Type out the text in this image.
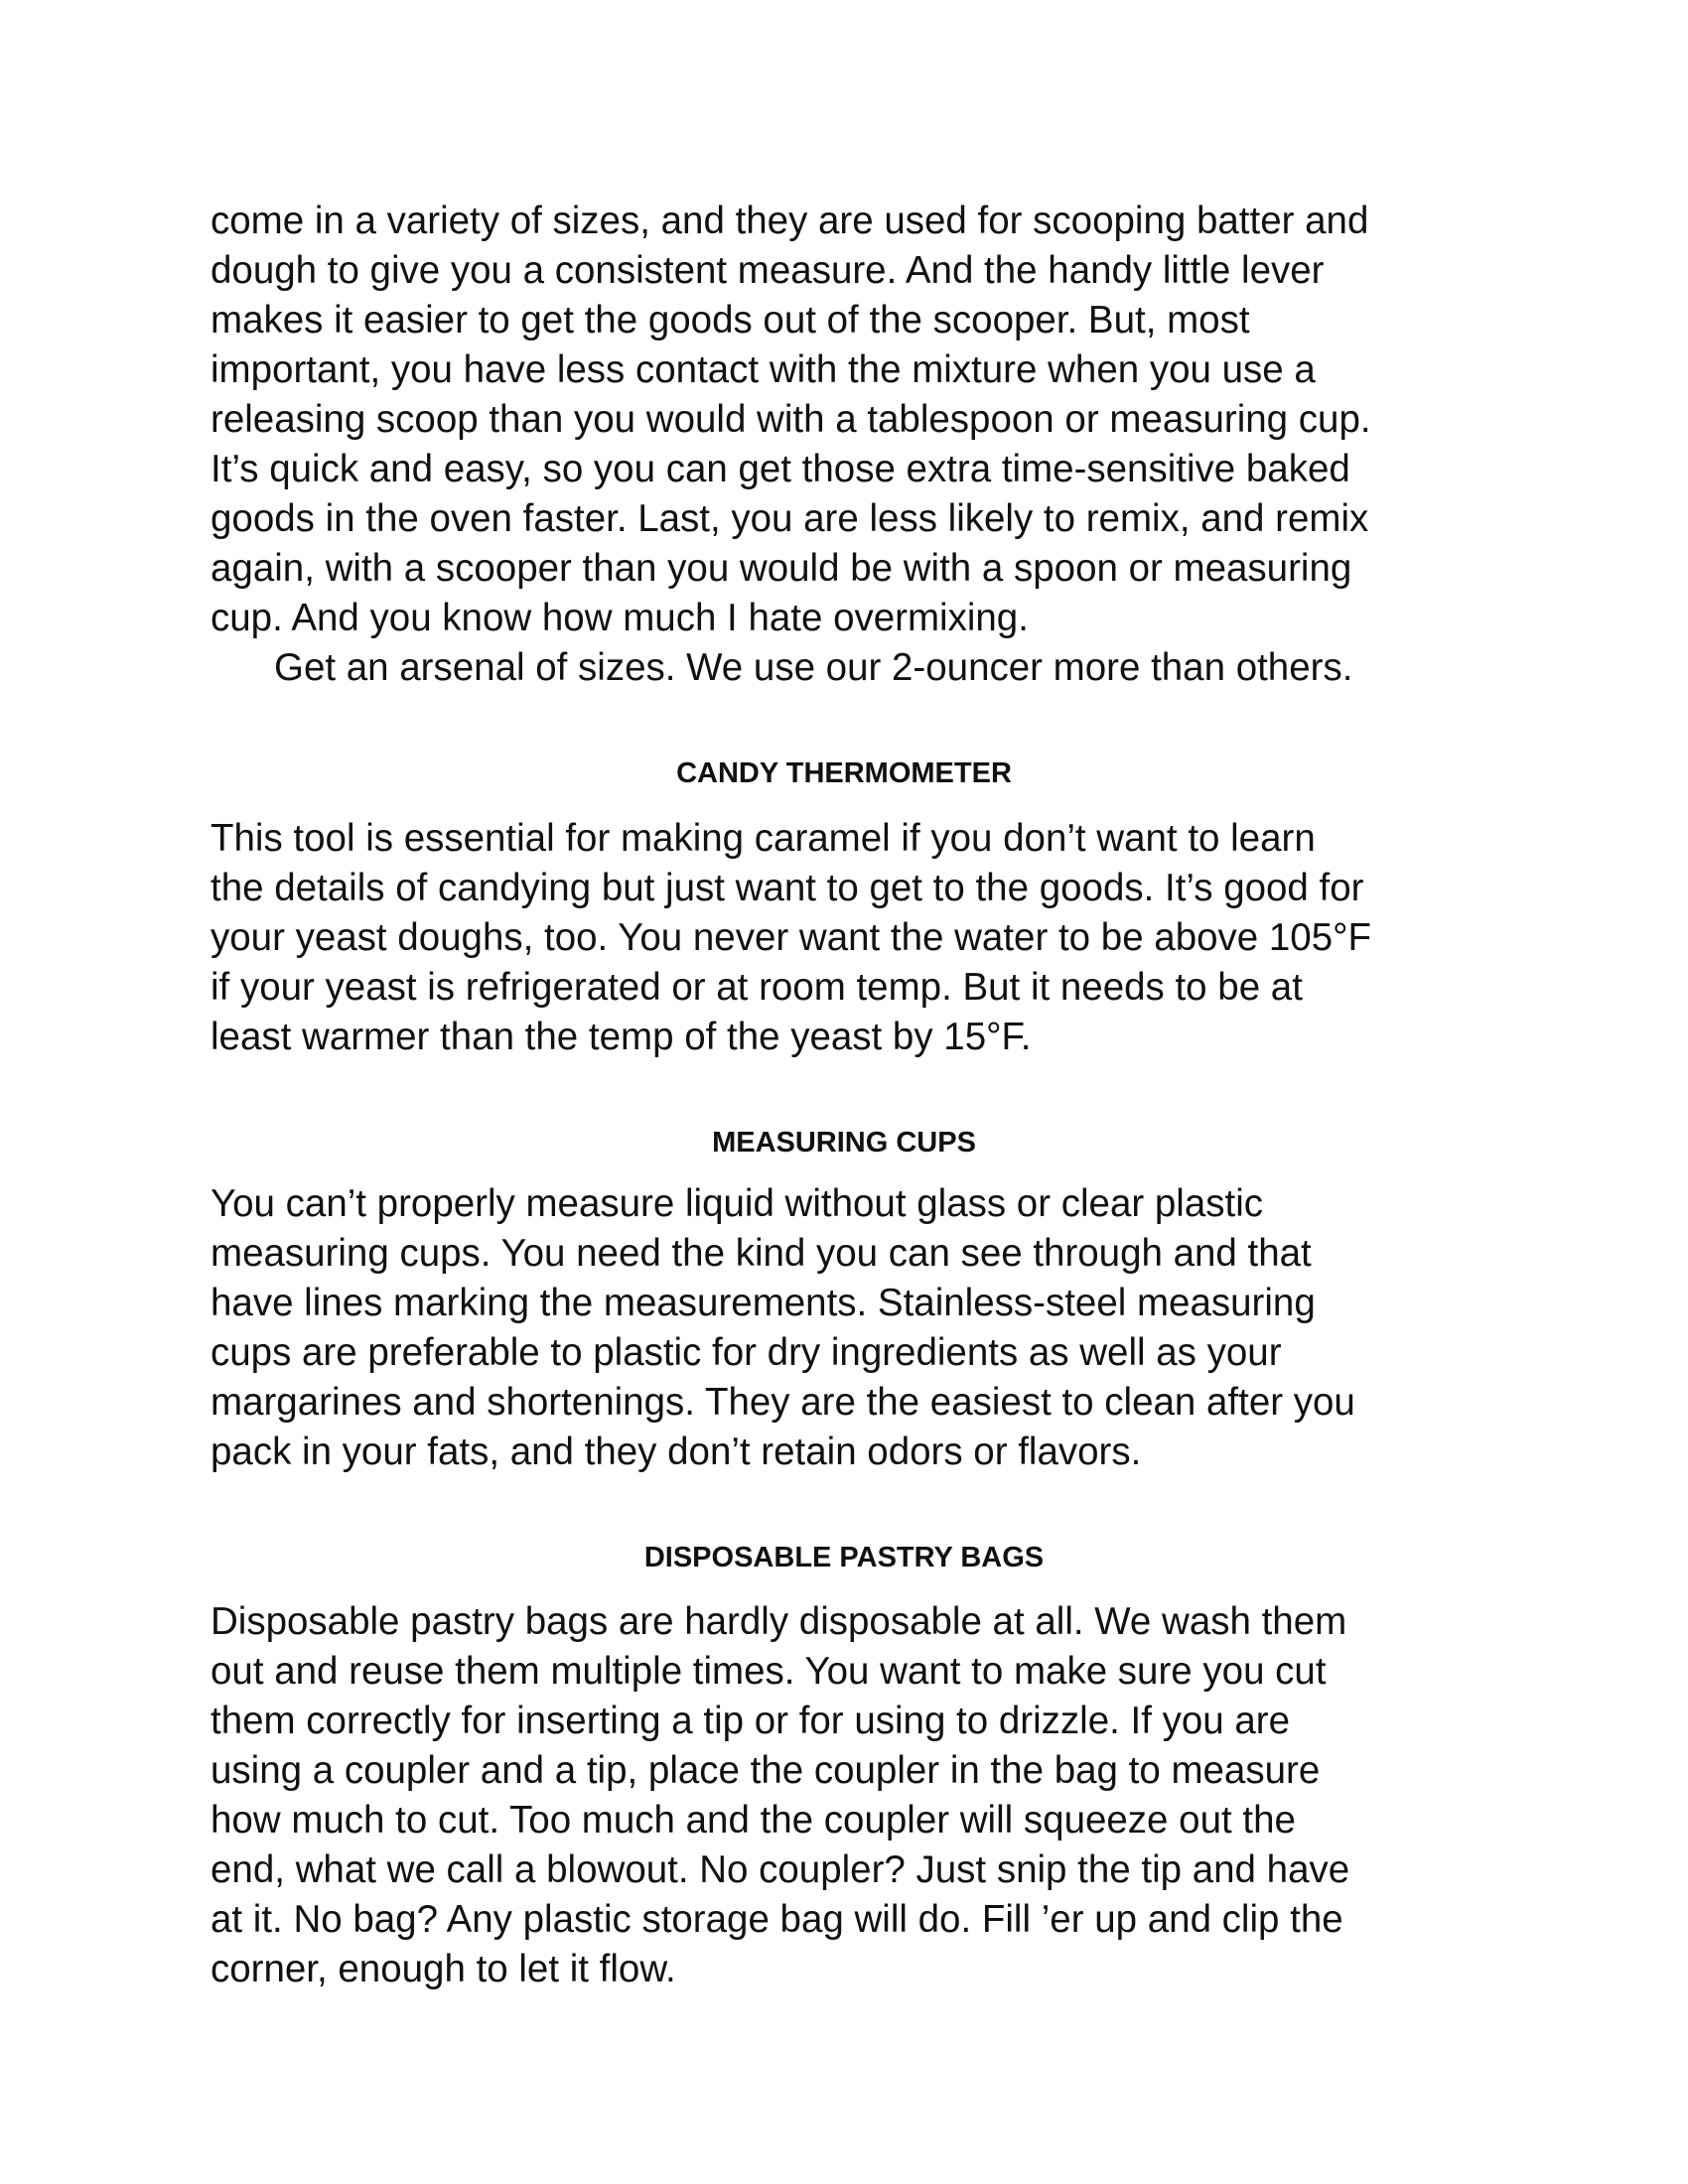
come in a variety of sizes, and they are used for scooping batter and

dough to give you a consistent measure. And the handy little lever

makes it easier to get the goods out of the scooper. But, most

important, you have less contact with the mixture when you use a

releasing scoop than you would with a tablespoon or measuring cup.

It’s quick and easy, so you can get those extra time-sensitive baked

goods in the oven faster. Last, you are less likely to remix, and remix

again, with a scooper than you would be with a spoon or measuring

cup. And you know how much I hate overmixing.

Get an arsenal of sizes. We use our 2-ouncer more than others.

CANDY THERMOMETER

This tool is essential for making caramel if you don’t want to learn

the details of candying but just want to get to the goods. It’s good for

your yeast doughs, too. You never want the water to be above 105°F

if your yeast is refrigerated or at room temp. But it needs to be at

least warmer than the temp of the yeast by 15°F.

MEASURING CUPS

You can’t properly measure liquid without glass or clear plastic

measuring cups. You need the kind you can see through and that

have lines marking the measurements. Stainless-steel measuring

cups are preferable to plastic for dry ingredients as well as your

margarines and shortenings. They are the easiest to clean after you

pack in your fats, and they don’t retain odors or flavors.

DISPOSABLE PASTRY BAGS

Disposable pastry bags are hardly disposable at all. We wash them

out and reuse them multiple times. You want to make sure you cut

them correctly for inserting a tip or for using to drizzle. If you are

using a coupler and a tip, place the coupler in the bag to measure

how much to cut. Too much and the coupler will squeeze out the

end, what we call a blowout. No coupler? Just snip the tip and have

at it. No bag? Any plastic storage bag will do. Fill ’er up and clip the

corner, enough to let it flow.
